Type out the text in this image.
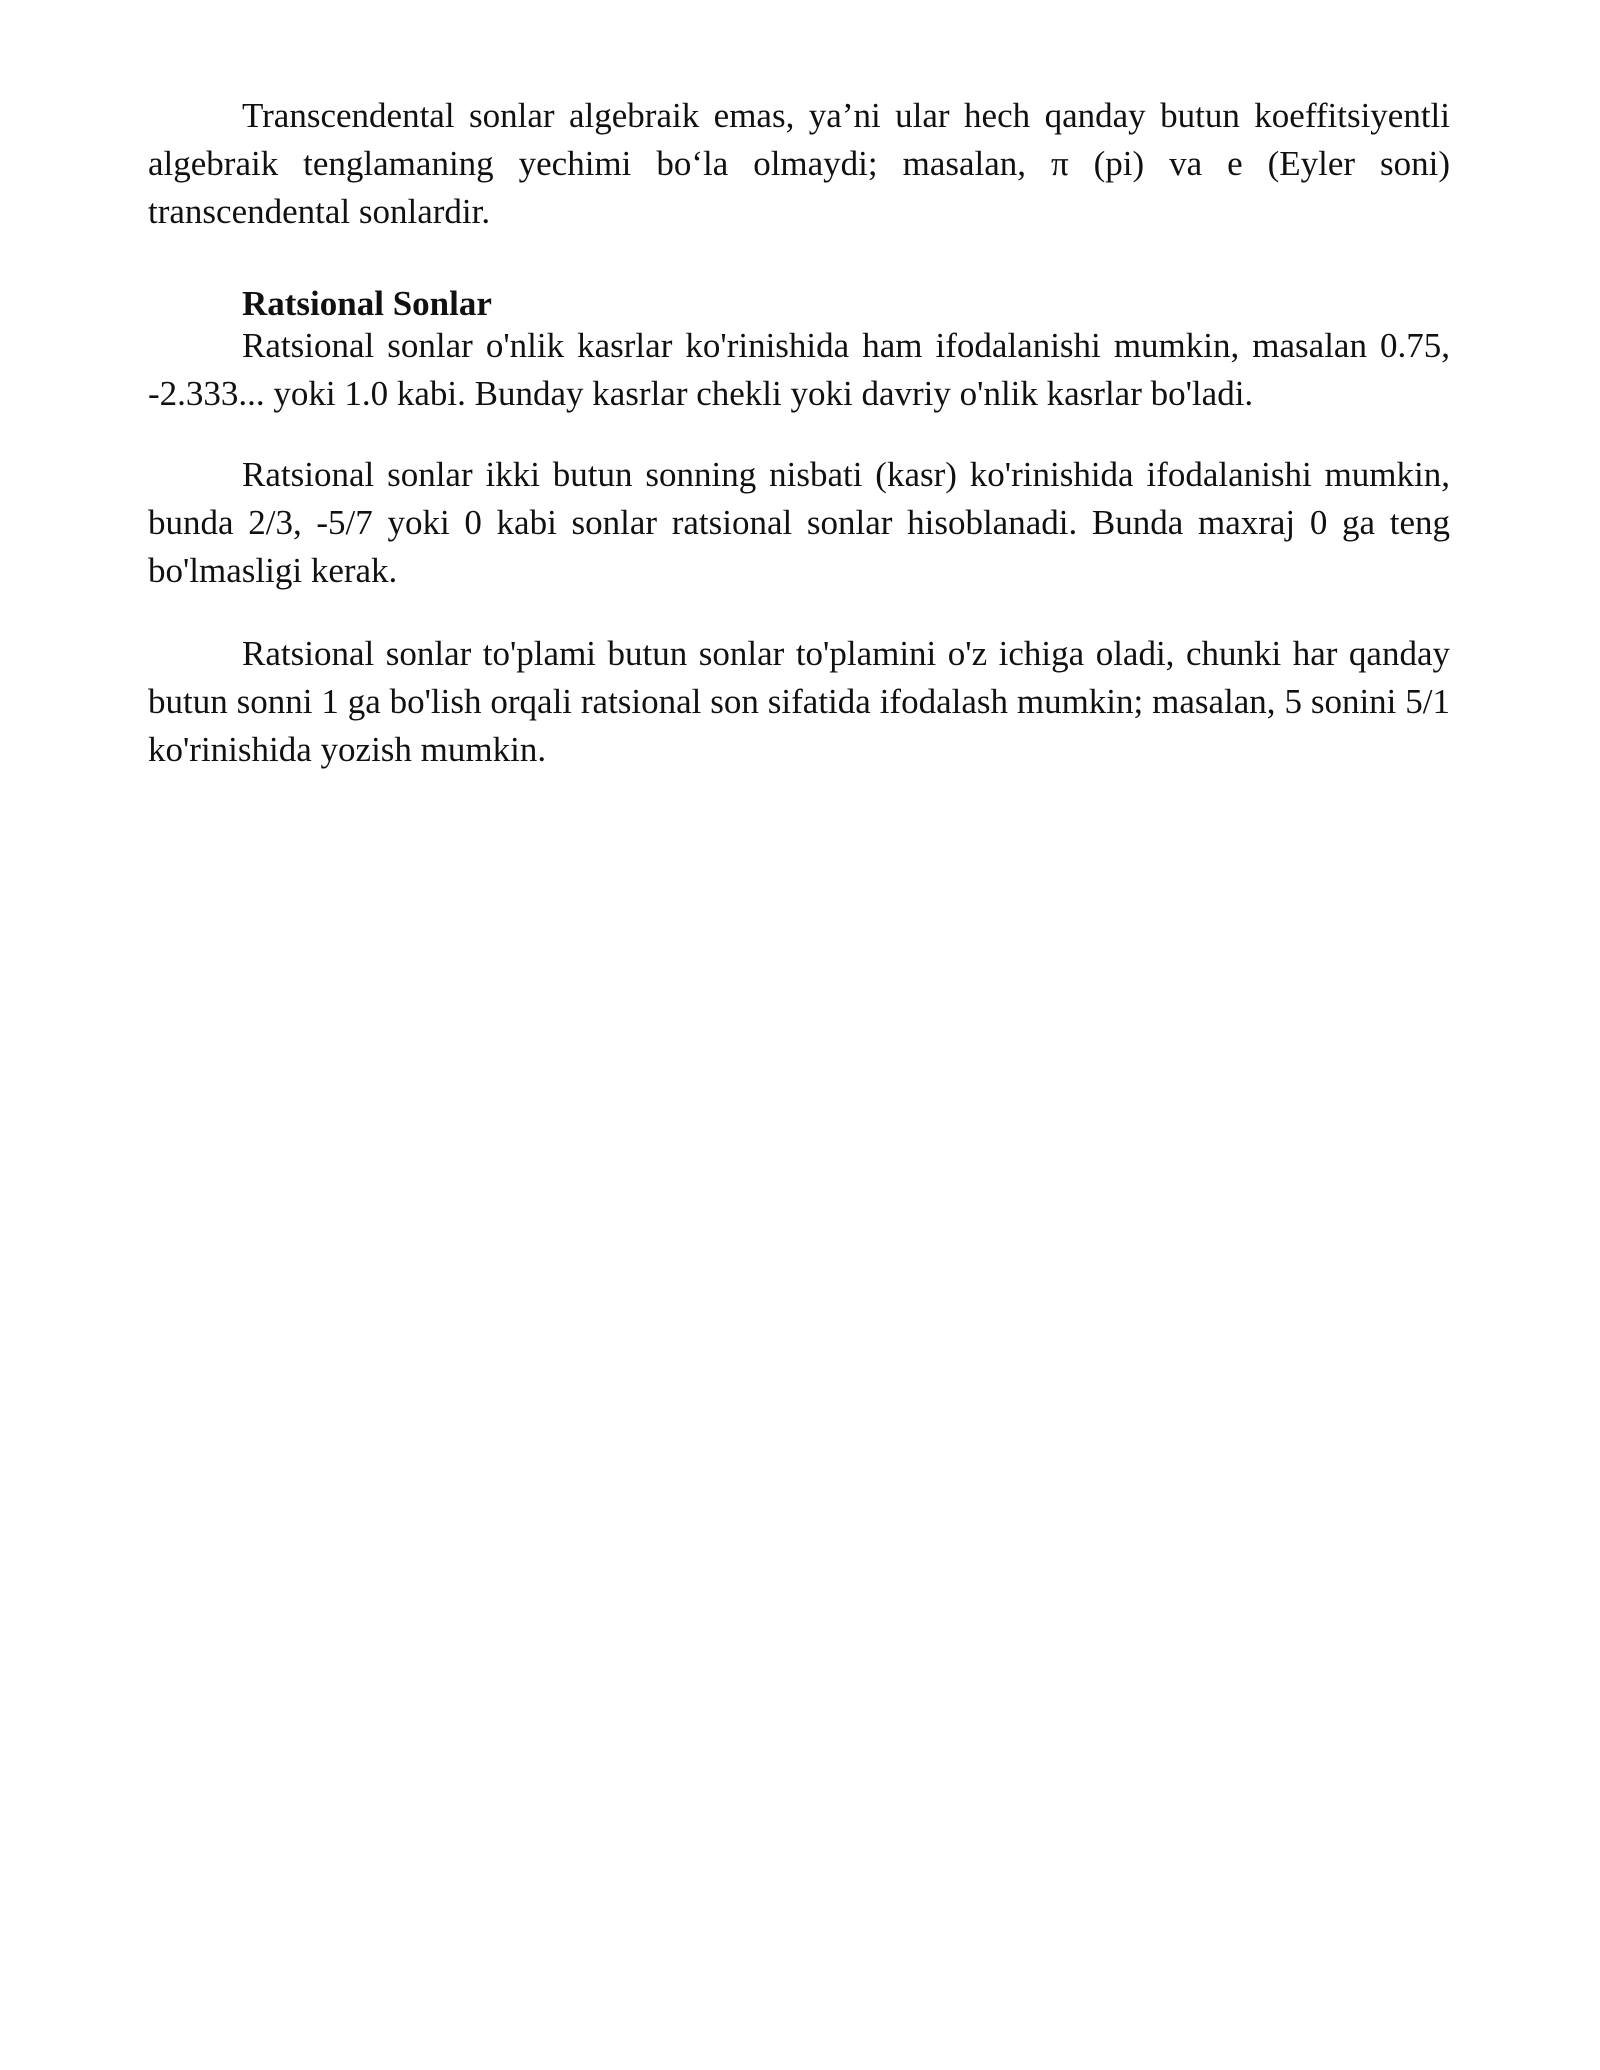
Transcendental sonlar algebraik emas, ya’ni ular hech qanday butun koeffitsiyentli algebraik tenglamaning yechimi bo‘la olmaydi; masalan, π (pi) va e (Eyler soni) transcendental sonlardir.

Ratsional Sonlar

Ratsional sonlar o'nlik kasrlar ko'rinishida ham ifodalanishi mumkin, masalan 0.75, -2.333... yoki 1.0 kabi. Bunday kasrlar chekli yoki davriy o'nlik kasrlar bo'ladi.

Ratsional sonlar ikki butun sonning nisbati (kasr) ko'rinishida ifodalanishi mumkin, bunda 2/3, -5/7 yoki 0 kabi sonlar ratsional sonlar hisoblanadi. Bunda maxraj 0 ga teng bo'lmasligi kerak.

Ratsional sonlar to'plami butun sonlar to'plamini o'z ichiga oladi, chunki har qanday butun sonni 1 ga bo'lish orqali ratsional son sifatida ifodalash mumkin; masalan, 5 sonini 5/1 ko'rinishida yozish mumkin.
